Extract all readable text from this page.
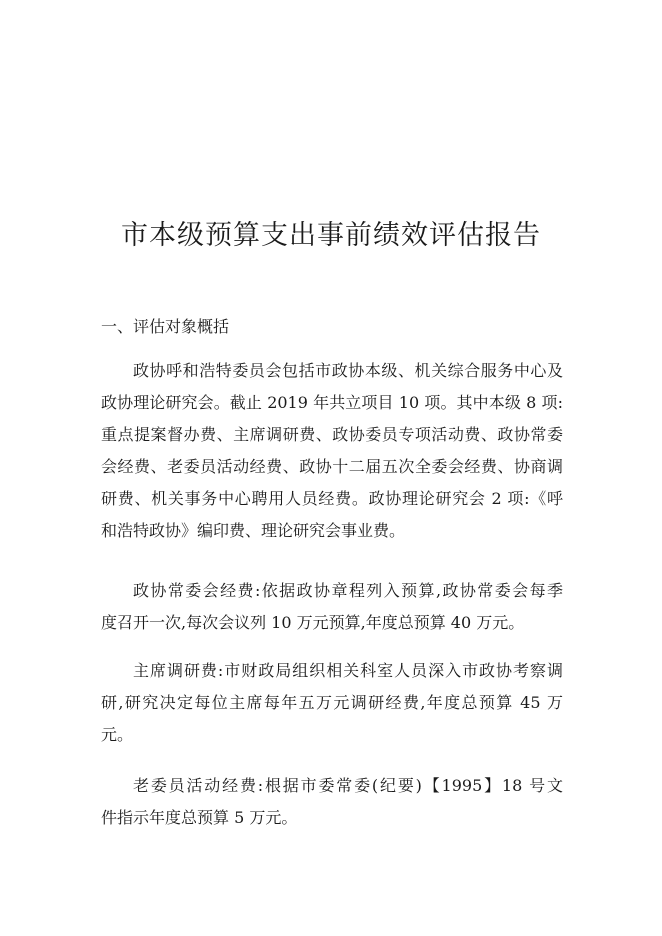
市本级预算支出事前绩效评估报告
一、评估对象概括
政协呼和浩特委员会包括市政协本级、机关综合服务中心及
政协理论研究会。截止 2019 年共立项目 10 项。其中本级 8 项:
重点提案督办费、主席调研费、政协委员专项活动费、政协常委
会经费、老委员活动经费、政协十二届五次全委会经费、协商调
研费、机关事务中心聘用人员经费。政协理论研究会 2 项:《呼
和浩特政协》编印费、理论研究会事业费。
政协常委会经费:依据政协章程列入预算,政协常委会每季
度召开一次,每次会议列 10 万元预算,年度总预算 40 万元。
主席调研费:市财政局组织相关科室人员深入市政协考察调
研,研究决定每位主席每年五万元调研经费,年度总预算 45 万
元。
老委员活动经费:根据市委常委(纪要)【1995】18 号文
件指示年度总预算 5 万元。
